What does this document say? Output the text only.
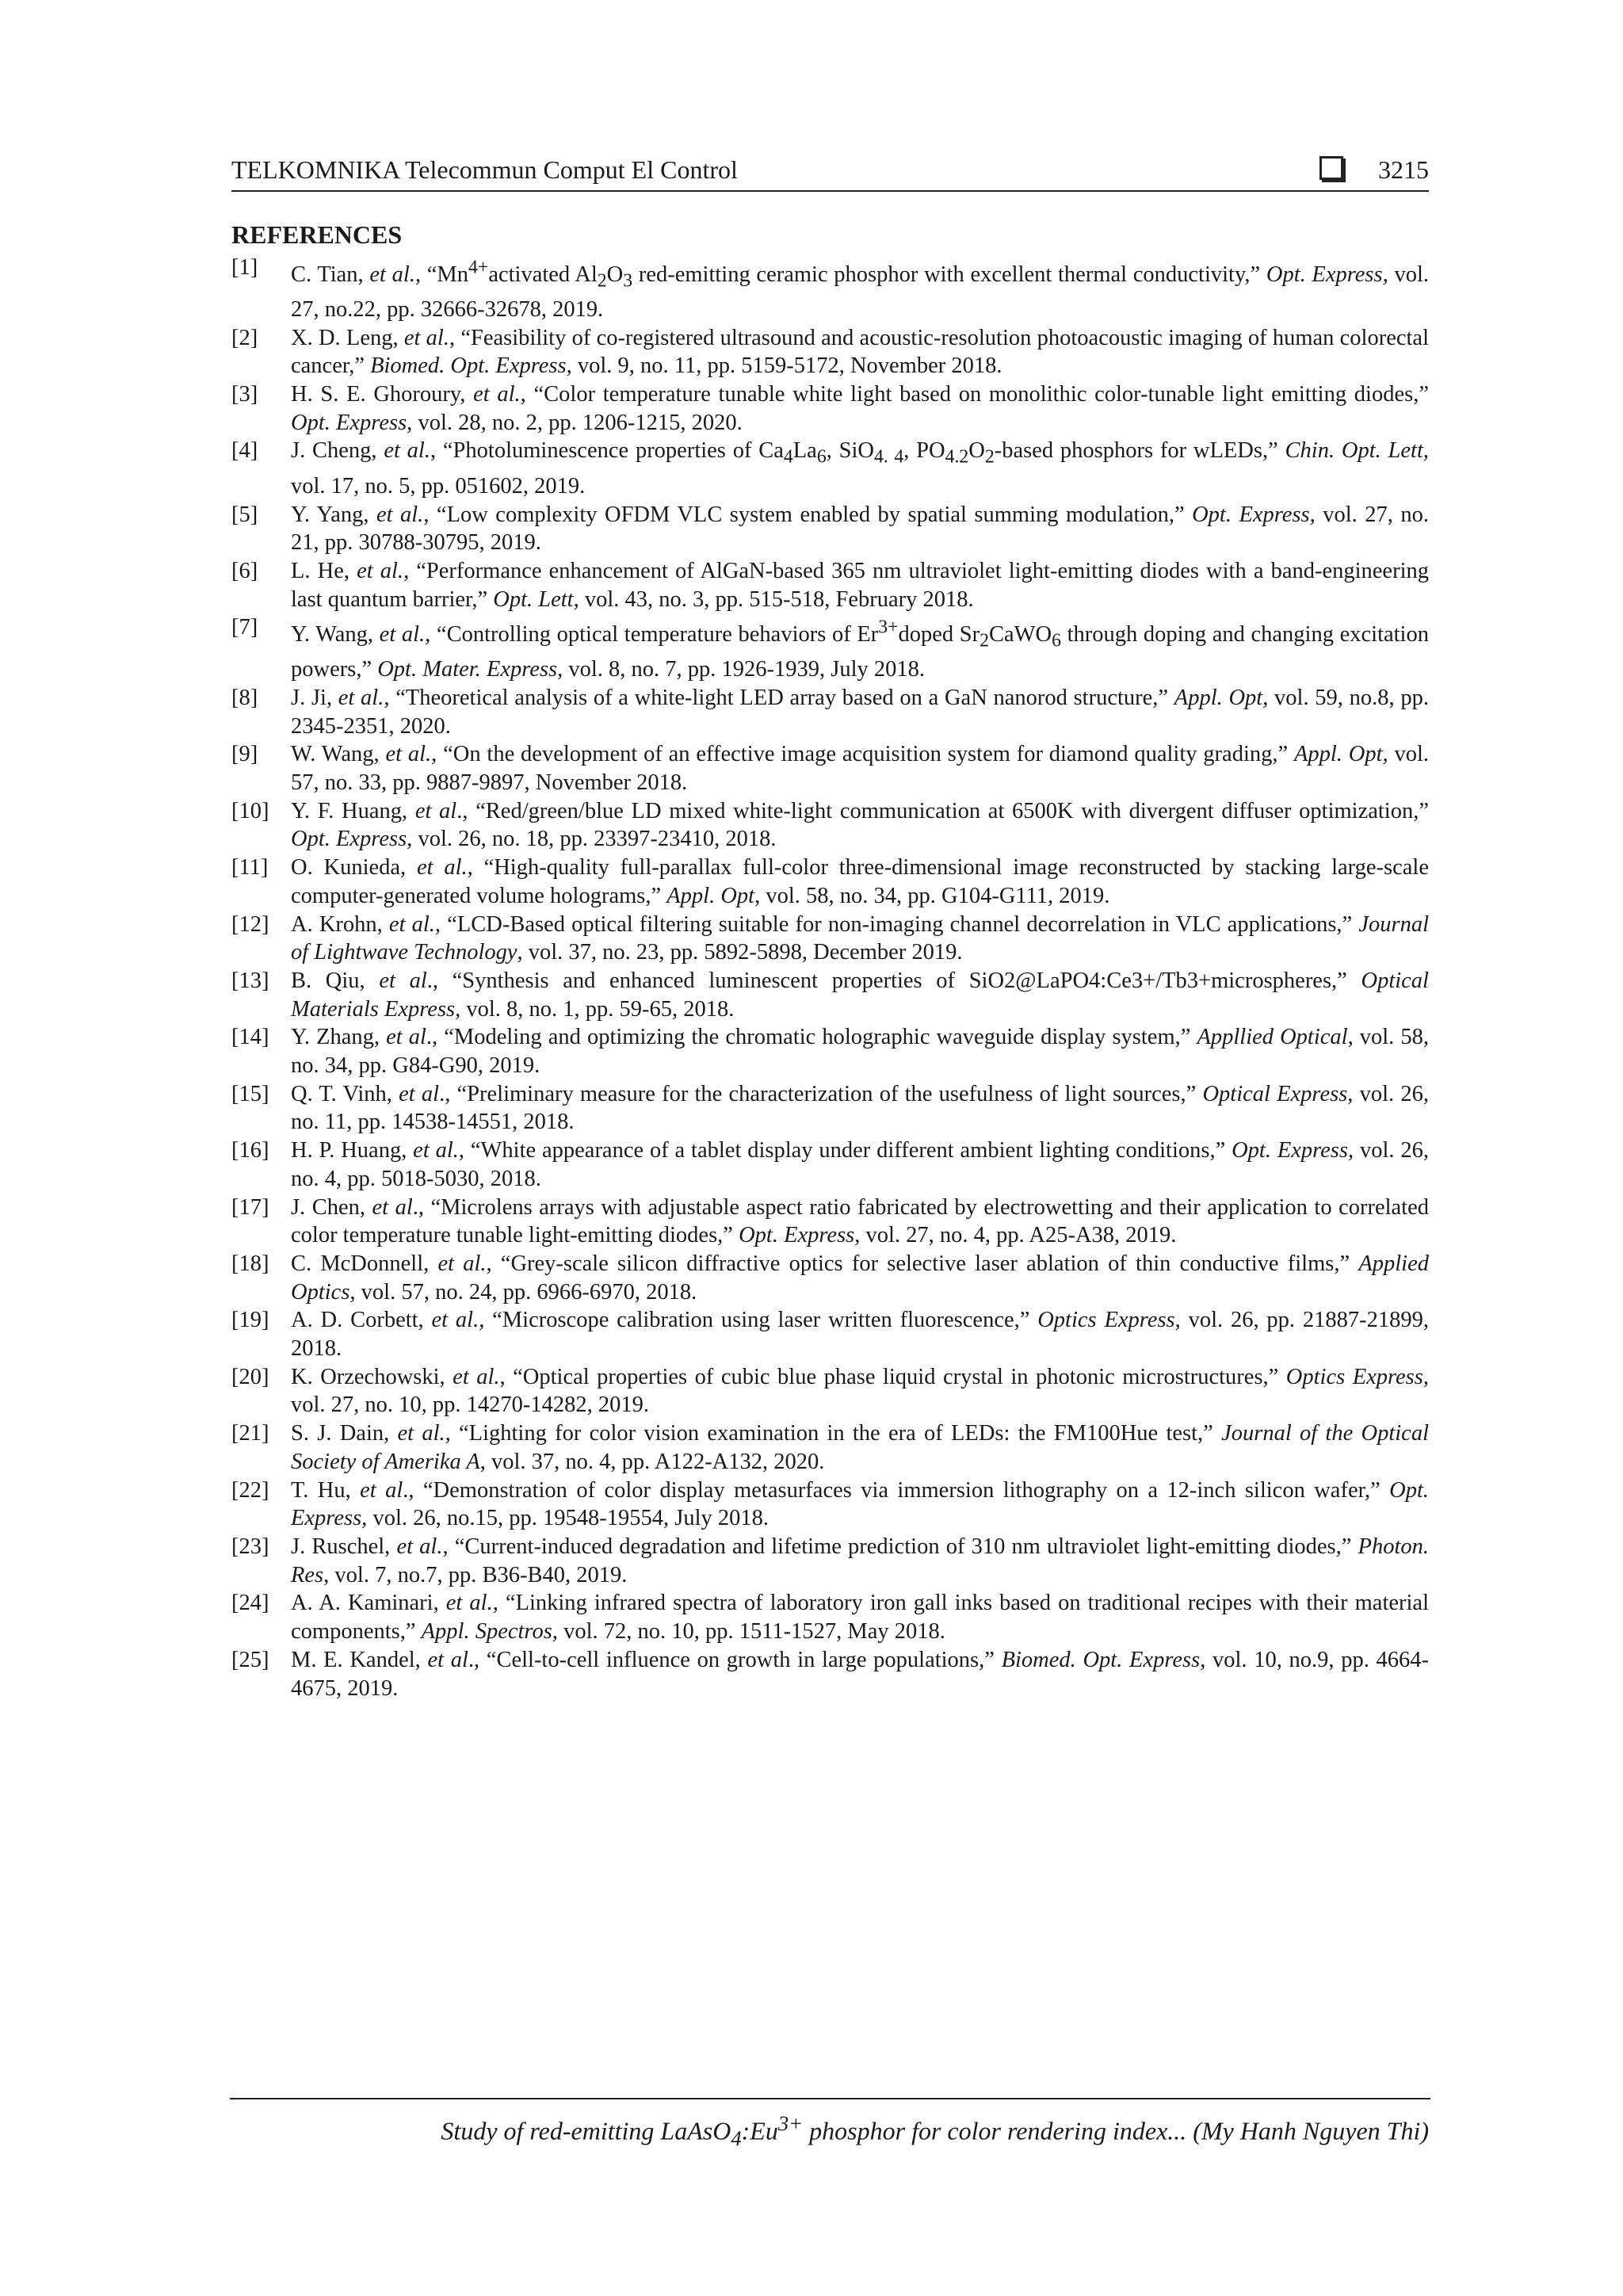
TELKOMNIKA Telecommun Comput El Control	3215
REFERENCES
[1] C. Tian, et al., “$Mn^{4+}activated$ $Al_2O_3$ red-emitting ceramic phosphor with excellent thermal conductivity,” Opt. Express, vol. 27, no.22, pp. 32666-32678, 2019.
[2] X. D. Leng, et al., “Feasibility of co-registered ultrasound and acoustic-resolution photoacoustic imaging of human colorectal cancer,” Biomed. Opt. Express, vol. 9, no. 11, pp. 5159-5172, November 2018.
[3] H. S. E. Ghoroury, et al., “Color temperature tunable white light based on monolithic color-tunable light emitting diodes,” Opt. Express, vol. 28, no. 2, pp. 1206-1215, 2020.
[4] J. Cheng, et al., “Photoluminescence properties of $Ca_4La_6$, SiO$_{4. 4}$, $PO_{4.2}O_2$-based phosphors for wLEDs,” Chin. Opt. Lett, vol. 17, no. 5, pp. 051602, 2019.
[5] Y. Yang, et al., “Low complexity OFDM VLC system enabled by spatial summing modulation,” Opt. Express, vol. 27, no. 21, pp. 30788-30795, 2019.
[6] L. He, et al., “Performance enhancement of AlGaN-based 365 nm ultraviolet light-emitting diodes with a band-engineering last quantum barrier,” Opt. Lett, vol. 43, no. 3, pp. 515-518, February 2018.
[7] Y. Wang, et al., “Controlling optical temperature behaviors of $Er^{3+}doped$ $Sr_2CaWO_6$ through doping and changing excitation powers,” Opt. Mater. Express, vol. 8, no. 7, pp. 1926-1939, July 2018.
[8] J. Ji, et al., “Theoretical analysis of a white-light LED array based on a GaN nanorod structure,” Appl. Opt, vol. 59, no.8, pp. 2345-2351, 2020.
[9] W. Wang, et al., “On the development of an effective image acquisition system for diamond quality grading,” Appl. Opt, vol. 57, no. 33, pp. 9887-9897, November 2018.
[10] Y. F. Huang, et al., “Red/green/blue LD mixed white-light communication at 6500K with divergent diffuser optimization,” Opt. Express, vol. 26, no. 18, pp. 23397-23410, 2018.
[11] O. Kunieda, et al., “High-quality full-parallax full-color three-dimensional image reconstructed by stacking large-scale computer-generated volume holograms,” Appl. Opt, vol. 58, no. 34, pp. G104-G111, 2019.
[12] A. Krohn, et al., “LCD-Based optical filtering suitable for non-imaging channel decorrelation in VLC applications,” Journal of Lightwave Technology, vol. 37, no. 23, pp. 5892-5898, December 2019.
[13] B. Qiu, et al., “Synthesis and enhanced luminescent properties of SiO2@LaPO4:Ce3+/Tb3+microspheres,” Optical Materials Express, vol. 8, no. 1, pp. 59-65, 2018.
[14] Y. Zhang, et al., “Modeling and optimizing the chromatic holographic waveguide display system,” Appllied Optical, vol. 58, no. 34, pp. G84-G90, 2019.
[15] Q. T. Vinh, et al., “Preliminary measure for the characterization of the usefulness of light sources,” Optical Express, vol. 26, no. 11, pp. 14538-14551, 2018.
[16] H. P. Huang, et al., “White appearance of a tablet display under different ambient lighting conditions,” Opt. Express, vol. 26, no. 4, pp. 5018-5030, 2018.
[17] J. Chen, et al., “Microlens arrays with adjustable aspect ratio fabricated by electrowetting and their application to correlated color temperature tunable light-emitting diodes,” Opt. Express, vol. 27, no. 4, pp. A25-A38, 2019.
[18] C. McDonnell, et al., “Grey-scale silicon diffractive optics for selective laser ablation of thin conductive films,” Applied Optics, vol. 57, no. 24, pp. 6966-6970, 2018.
[19] A. D. Corbett, et al., “Microscope calibration using laser written fluorescence,” Optics Express, vol. 26, pp. 21887-21899, 2018.
[20] K. Orzechowski, et al., “Optical properties of cubic blue phase liquid crystal in photonic microstructures,” Optics Express, vol. 27, no. 10, pp. 14270-14282, 2019.
[21] S. J. Dain, et al., “Lighting for color vision examination in the era of LEDs: the FM100Hue test,” Journal of the Optical Society of Amerika A, vol. 37, no. 4, pp. A122-A132, 2020.
[22] T. Hu, et al., “Demonstration of color display metasurfaces via immersion lithography on a 12-inch silicon wafer,” Opt. Express, vol. 26, no.15, pp. 19548-19554, July 2018.
[23] J. Ruschel, et al., “Current-induced degradation and lifetime prediction of 310 nm ultraviolet light-emitting diodes,” Photon. Res, vol. 7, no.7, pp. B36-B40, 2019.
[24] A. A. Kaminari, et al., “Linking infrared spectra of laboratory iron gall inks based on traditional recipes with their material components,” Appl. Spectros, vol. 72, no. 10, pp. 1511-1527, May 2018.
[25] M. E. Kandel, et al., “Cell-to-cell influence on growth in large populations,” Biomed. Opt. Express, vol. 10, no.9, pp. 4664-4675, 2019.
Study of red-emitting $LaAsO_4:Eu^{3+}$ phosphor for color rendering index... (My Hanh Nguyen Thi)
